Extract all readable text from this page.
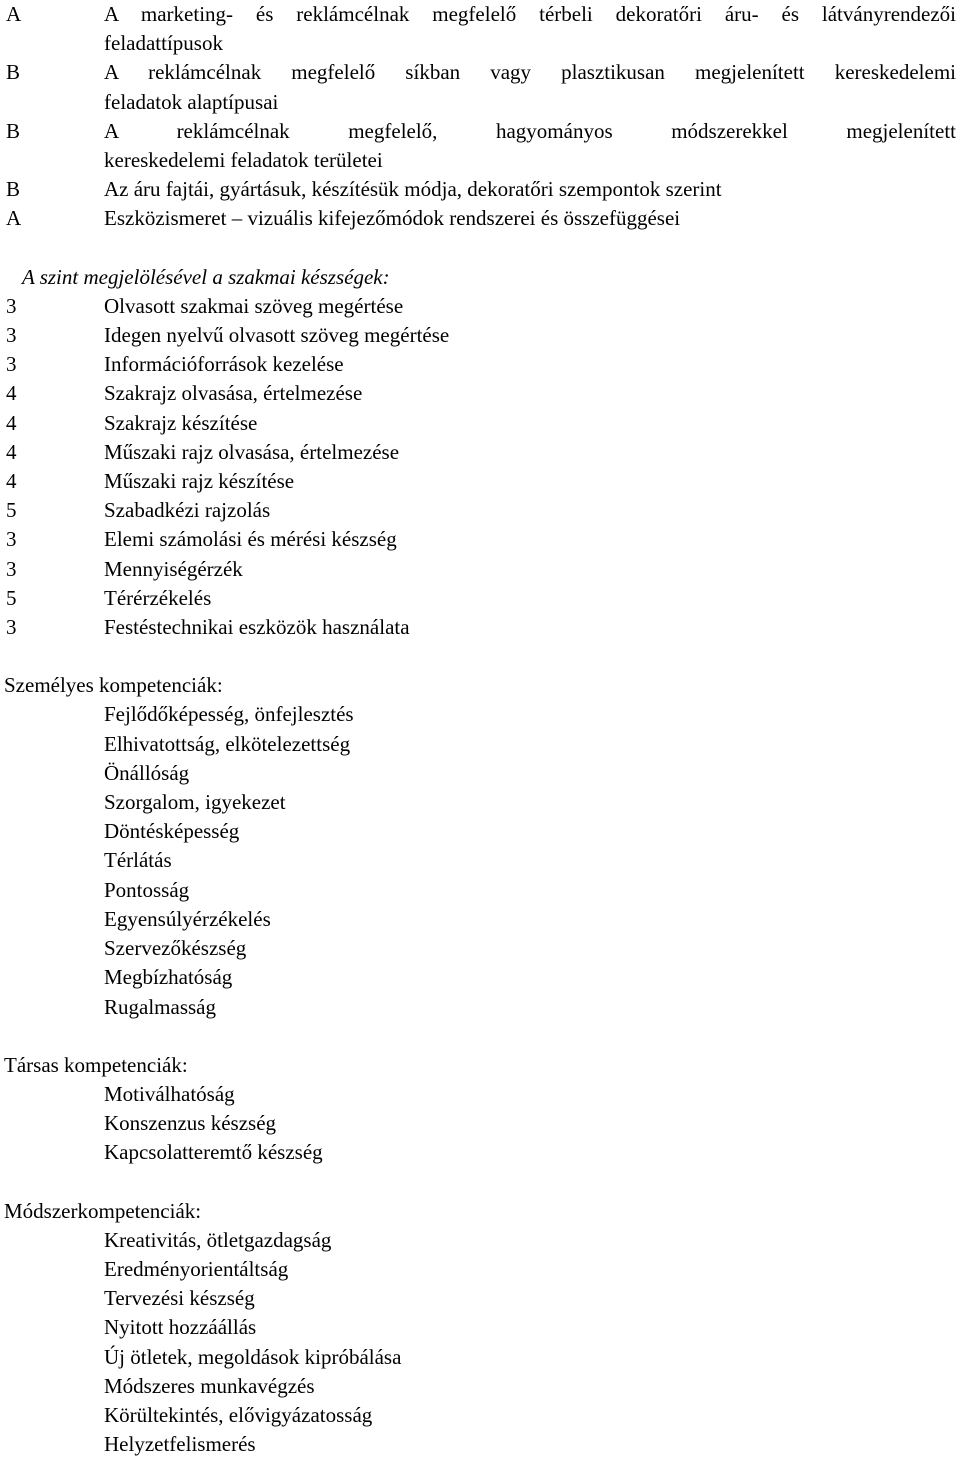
A	A marketing- és reklámcélnak megfelelő térbeli dekoratőri áru- és látványrendezői
feladattípusok
B	A reklámcélnak megfelelő síkban vagy plasztikusan megjelenített kereskedelemi
feladatok alaptípusai
B	A reklámcélnak megfelelő, hagyományos módszerekkel megjelenített
kereskedelemi feladatok területei
B	Az áru fajtái, gyártásuk, készítésük módja, dekoratőri szempontok szerint
A	Eszközismeret – vizuális kifejezőmódok rendszerei és összefüggései
A szint megjelölésével a szakmai készségek:
3	Olvasott szakmai szöveg megértése
3	Idegen nyelvű olvasott szöveg megértése
3	Információforrások kezelése
4	Szakrajz olvasása, értelmezése
4	Szakrajz készítése
4	Műszaki rajz olvasása, értelmezése
4	Műszaki rajz készítése
5	Szabadkézi rajzolás
3	Elemi számolási és mérési készség
3	Mennyiségérzék
5	Térérzékelés
3	Festéstechnikai eszközök használata
Személyes kompetenciák:
Fejlődőképesség, önfejlesztés
Elhivatottság, elkötelezettség
Önállóság
Szorgalom, igyekezet
Döntésképesség
Térlátás
Pontosság
Egyensúlyérzékelés
Szervezőkészség
Megbízhatóság
Rugalmasság
Társas kompetenciák:
Motiválhatóság
Konszenzus készség
Kapcsolatteremtő készség
Módszerkompetenciák:
Kreativitás, ötletgazdagság
Eredményorientáltság
Tervezési készség
Nyitott hozzáállás
Új ötletek, megoldások kipróbálása
Módszeres munkavégzés
Körültekintés, elővigyázatosság
Helyzetfelismerés
